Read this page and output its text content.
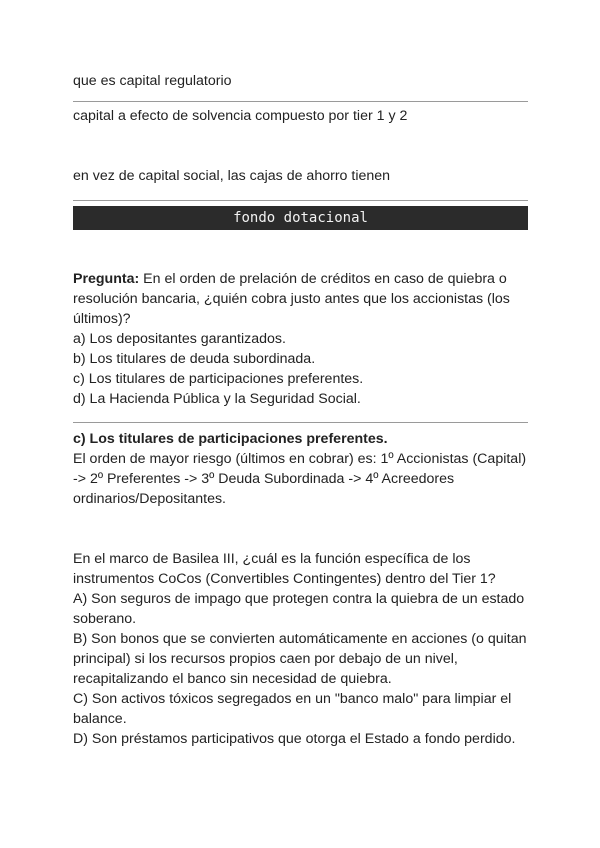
que es capital regulatorio
capital a efecto de solvencia compuesto por tier 1 y 2
en vez de capital social, las cajas de ahorro tienen
fondo dotacional
Pregunta: En el orden de prelación de créditos en caso de quiebra o resolución bancaria, ¿quién cobra justo antes que los accionistas (los últimos)?
a) Los depositantes garantizados.
b) Los titulares de deuda subordinada.
c) Los titulares de participaciones preferentes.
d) La Hacienda Pública y la Seguridad Social.
c) Los titulares de participaciones preferentes.
El orden de mayor riesgo (últimos en cobrar) es: 1º Accionistas (Capital) -> 2º Preferentes -> 3º Deuda Subordinada -> 4º Acreedores ordinarios/Depositantes.
En el marco de Basilea III, ¿cuál es la función específica de los instrumentos CoCos (Convertibles Contingentes) dentro del Tier 1?
A) Son seguros de impago que protegen contra la quiebra de un estado soberano.
B) Son bonos que se convierten automáticamente en acciones (o quitan principal) si los recursos propios caen por debajo de un nivel, recapitalizando el banco sin necesidad de quiebra.
C) Son activos tóxicos segregados en un "banco malo" para limpiar el balance.
D) Son préstamos participativos que otorga el Estado a fondo perdido.
